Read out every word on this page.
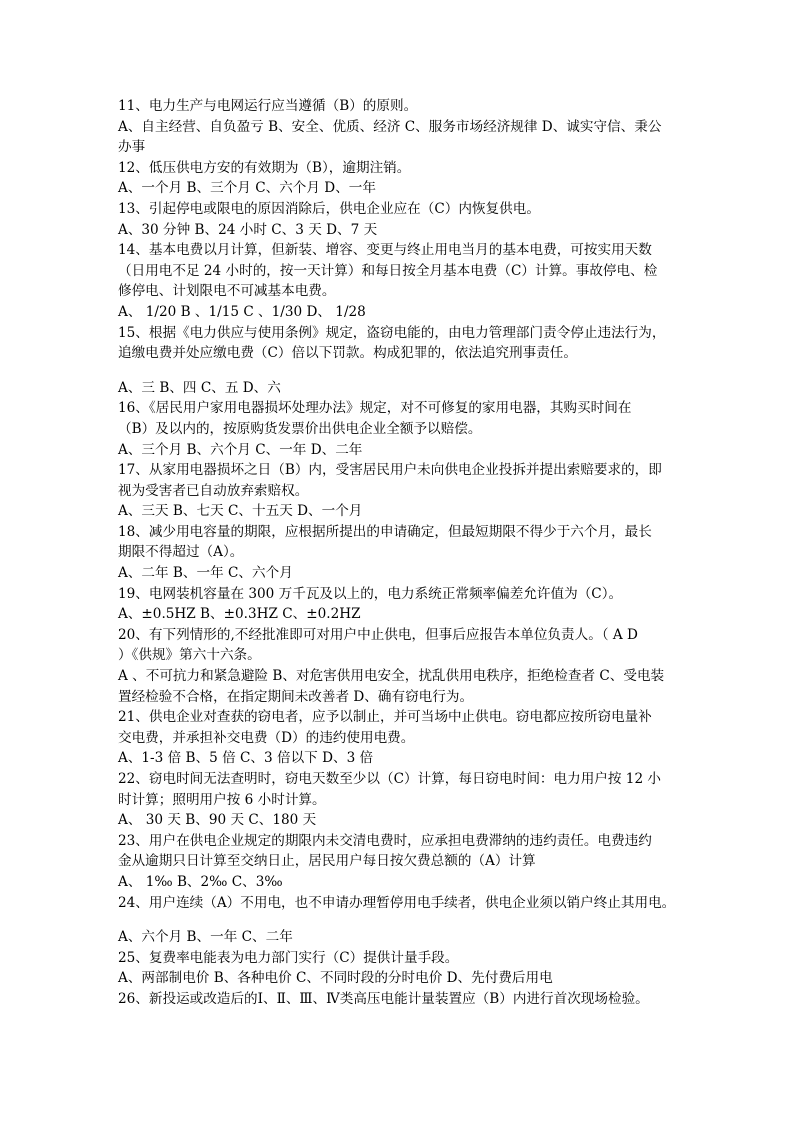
11、电力生产与电网运行应当遵循（B）的原则。
A、自主经营、自负盈亏 B、安全、优质、经济 C、服务市场经济规律 D、诚实守信、秉公
办事
12、低压供电方安的有效期为（B），逾期注销。
A、一个月 B、三个月 C、六个月 D、一年
13、引起停电或限电的原因消除后，供电企业应在（C）内恢复供电。
A、30 分钟 B、24 小时 C、3 天 D、7 天
14、基本电费以月计算，但新装、增容、变更与终止用电当月的基本电费，可按实用天数
（日用电不足 24 小时的，按一天计算）和每日按全月基本电费（C）计算。事故停电、检
修停电、计划限电不可减基本电费。
A、 1/20 B 、1/15 C 、1/30 D、 1/28
15、根据《电力供应与使用条例》规定，盗窃电能的，由电力管理部门责令停止违法行为，
追缴电费并处应缴电费（C）倍以下罚款。构成犯罪的，依法追究刑事责任。
A、三 B、四 C、五 D、六
16、《居民用户家用电器损坏处理办法》规定，对不可修复的家用电器，其购买时间在
（B）及以内的，按原购货发票价出供电企业全额予以赔偿。
A、三个月 B、六个月 C、一年 D、二年
17、从家用电器损坏之日（B）内，受害居民用户未向供电企业投拆并提出索赔要求的，即
视为受害者已自动放弃索赔权。
A、三天 B、七天 C、十五天 D、一个月
18、减少用电容量的期限，应根据所提出的申请确定，但最短期限不得少于六个月，最长
期限不得超过（A）。
A、二年 B、一年 C、六个月
19、电网装机容量在 300 万千瓦及以上的，电力系统正常频率偏差允许值为（C）。
A、±0.5HZ B、±0.3HZ C、±0.2HZ
20、有下列情形的,不经批准即可对用户中止供电，但事后应报告本单位负责人。（ A D
）《供规》第六十六条。
A 、不可抗力和紧急避险 B、对危害供用电安全，扰乱供用电秩序，拒绝检查者 C、受电装
置经检验不合格，在指定期间未改善者 D、确有窃电行为。
21、供电企业对查获的窃电者，应予以制止，并可当场中止供电。窃电都应按所窃电量补
交电费，并承担补交电费（D）的违约使用电费。
A、1-3 倍 B、5 倍 C、3 倍以下 D、3 倍
22、窃电时间无法查明时，窃电天数至少以（C）计算，每日窃电时间：电力用户按 12 小
时计算；照明用户按 6 小时计算。
A、 30 天 B、90 天 C、180 天
23、用户在供电企业规定的期限内未交清电费时，应承担电费滞纳的违约责任。电费违约
金从逾期只日计算至交纳日止，居民用户每日按欠费总额的（A）计算
A、 1‰ B、2‰ C、3‰
24、用户连续（A）不用电，也不申请办理暂停用电手续者，供电企业须以销户终止其用电。
A、六个月 B、一年 C、二年
25、复费率电能表为电力部门实行（C）提供计量手段。
A、两部制电价 B、各种电价 C、不同时段的分时电价 D、先付费后用电
26、新投运或改造后的Ⅰ、Ⅱ、Ⅲ、Ⅳ类高压电能计量装置应（B）内进行首次现场检验。
